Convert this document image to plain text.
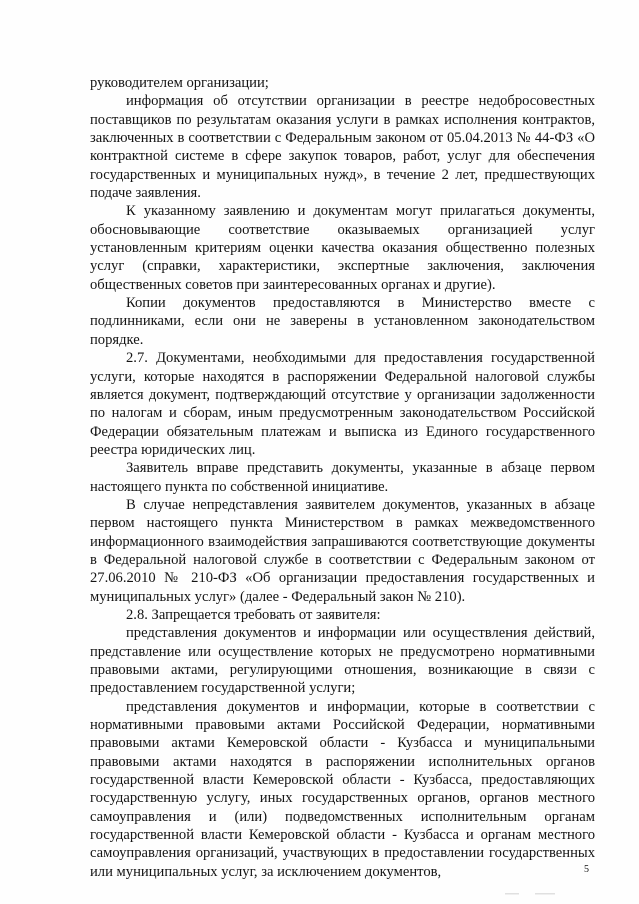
руководителем организации;

информация об отсутствии организации в реестре недобросовестных поставщиков по результатам оказания услуги в рамках исполнения контрактов, заключенных в соответствии с Федеральным законом от 05.04.2013 № 44-ФЗ «О контрактной системе в сфере закупок товаров, работ, услуг для обеспечения государственных и муниципальных нужд», в течение 2 лет, предшествующих подаче заявления.

К указанному заявлению и документам могут прилагаться документы, обосновывающие соответствие оказываемых организацией услуг установленным критериям оценки качества оказания общественно полезных услуг (справки, характеристики, экспертные заключения, заключения общественных советов при заинтересованных органах и другие).

Копии документов предоставляются в Министерство вместе с подлинниками, если они не заверены в установленном законодательством порядке.

2.7. Документами, необходимыми для предоставления государственной услуги, которые находятся в распоряжении Федеральной налоговой службы является документ, подтверждающий отсутствие у организации задолженности по налогам и сборам, иным предусмотренным законодательством Российской Федерации обязательным платежам и выписка из Единого государственного реестра юридических лиц.

Заявитель вправе представить документы, указанные в абзаце первом настоящего пункта по собственной инициативе.

В случае непредставления заявителем документов, указанных в абзаце первом настоящего пункта Министерством в рамках межведомственного информационного взаимодействия запрашиваются соответствующие документы в Федеральной налоговой службе в соответствии с Федеральным законом от 27.06.2010 № 210-ФЗ «Об организации предоставления государственных и муниципальных услуг» (далее - Федеральный закон № 210).

2.8. Запрещается требовать от заявителя:

представления документов и информации или осуществления действий, представление или осуществление которых не предусмотрено нормативными правовыми актами, регулирующими отношения, возникающие в связи с предоставлением государственной услуги;

представления документов и информации, которые в соответствии с нормативными правовыми актами Российской Федерации, нормативными правовыми актами Кемеровской области - Кузбасса и муниципальными правовыми актами находятся в распоряжении исполнительных органов государственной власти Кемеровской области - Кузбасса, предоставляющих государственную услугу, иных государственных органов, органов местного самоуправления и (или) подведомственных исполнительным органам государственной власти Кемеровской области - Кузбасса и органам местного самоуправления организаций, участвующих в предоставлении государственных или муниципальных услуг, за исключением документов,	5
